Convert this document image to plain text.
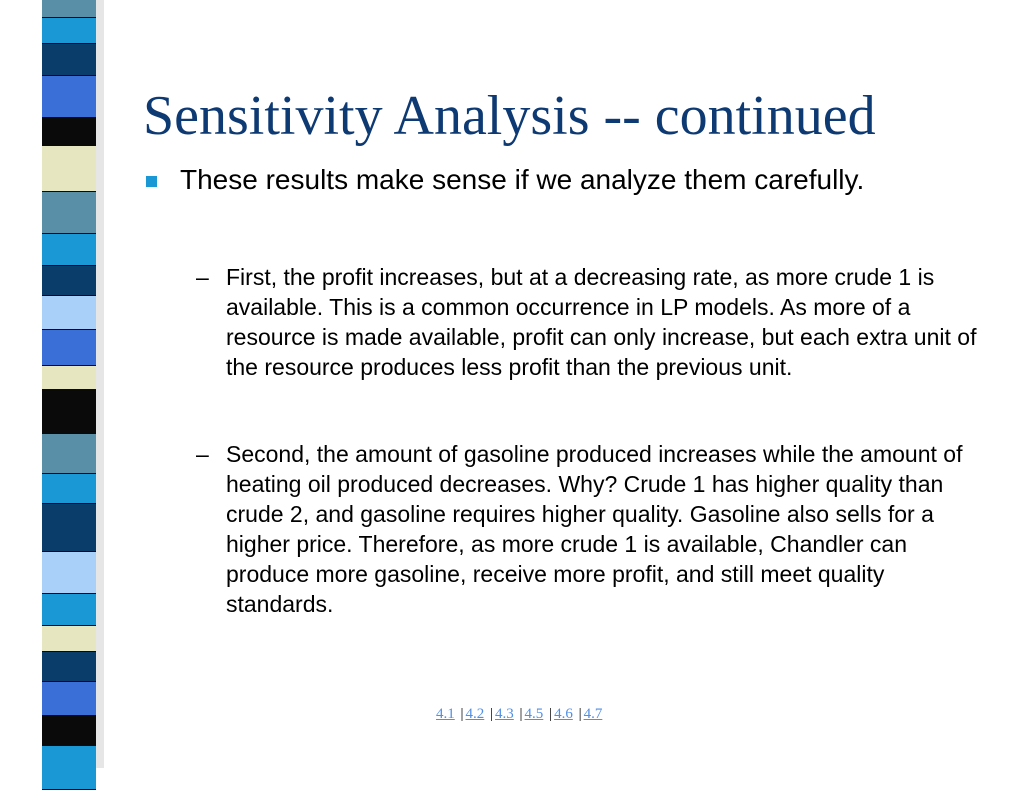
Sensitivity Analysis -- continued
These results make sense if we analyze them carefully.
– First, the profit increases, but at a decreasing rate, as more crude 1 is available. This is a common occurrence in LP models. As more of a resource is made available, profit can only increase, but each extra unit of the resource produces less profit than the previous unit.
– Second, the amount of gasoline produced increases while the amount of heating oil produced decreases. Why? Crude 1 has higher quality than crude 2, and gasoline requires higher quality. Gasoline also sells for a higher price. Therefore, as more crude 1 is available, Chandler can produce more gasoline, receive more profit, and still meet quality standards.
4.1 | 4.2 | 4.3 | 4.5 | 4.6 | 4.7
